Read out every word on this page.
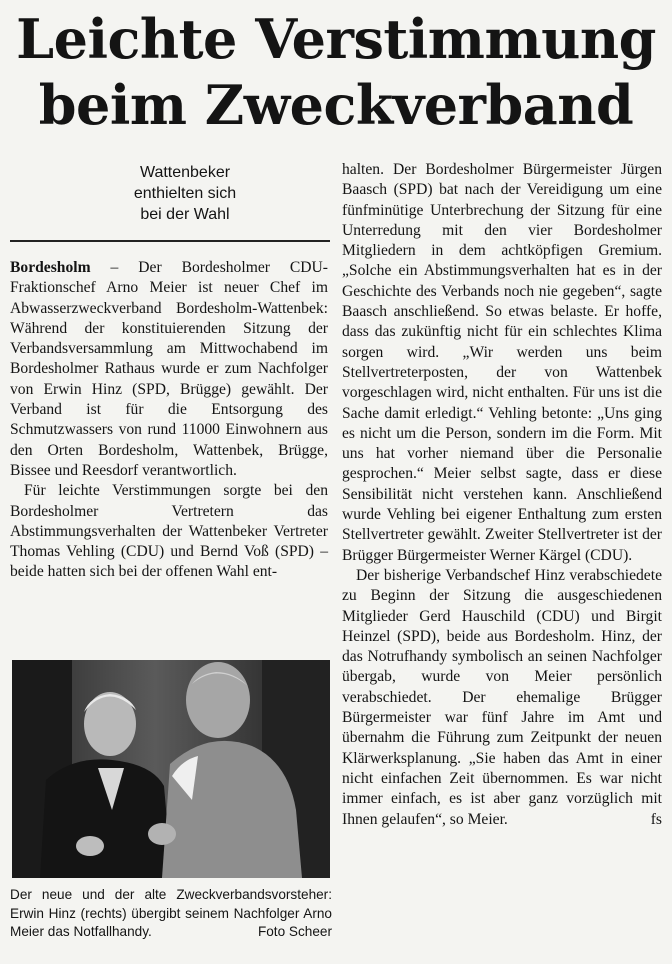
Leichte Verstimmung
beim Zweckverband
Wattenbeker
enthielten sich
bei der Wahl

Bordesholm – Der Bordesholmer CDU-Fraktionschef Arno Meier ist neuer Chef im Abwasserzweckverband Bordesholm-Wattenbek: Während der konstituierenden Sitzung der Verbandsversammlung am Mittwochabend im Bordesholmer Rathaus wurde er zum Nachfolger von Erwin Hinz (SPD, Brügge) gewählt. Der Verband ist für die Entsorgung des Schmutzwassers von rund 11000 Einwohnern aus den Orten Bordesholm, Wattenbek, Brügge, Bissee und Reesdorf verantwortlich.

Für leichte Verstimmungen sorgte bei den Bordesholmer Vertretern das Abstimmungsverhalten der Wattenbeker Vertreter Thomas Vehling (CDU) und Bernd Voß (SPD) – beide hatten sich bei der offenen Wahl ent-

Der neue und der alte Zweckverbandsvorsteher: Erwin Hinz (rechts) übergibt seinem Nachfolger Arno Meier das Notfallhandy.	Foto Scheer

halten. Der Bordesholmer Bürgermeister Jürgen Baasch (SPD) bat nach der Vereidigung um eine fünfminütige Unterbrechung der Sitzung für eine Unterredung mit den vier Bordesholmer Mitgliedern in dem achtköpfigen Gremium. „Solche ein Abstimmungsverhalten hat es in der Geschichte des Verbands noch nie gegeben“, sagte Baasch anschließend. So etwas belaste. Er hoffe, dass das zukünftig nicht für ein schlechtes Klima sorgen wird. „Wir werden uns beim Stellvertreterposten, der von Wattenbek vorgeschlagen wird, nicht enthalten. Für uns ist die Sache damit erledigt.“ Vehling betonte: „Uns ging es nicht um die Person, sondern im die Form. Mit uns hat vorher niemand über die Personalie gesprochen.“ Meier selbst sagte, dass er diese Sensibilität nicht verstehen kann. Anschließend wurde Vehling bei eigener Enthaltung zum ersten Stellvertreter gewählt. Zweiter Stellvertreter ist der Brügger Bürgermeister Werner Kärgel (CDU).

Der bisherige Verbandschef Hinz verabschiedete zu Beginn der Sitzung die ausgeschiedenen Mitglieder Gerd Hauschild (CDU) und Birgit Heinzel (SPD), beide aus Bordesholm. Hinz, der das Notrufhandy symbolisch an seinen Nachfolger übergab, wurde von Meier persönlich verabschiedet. Der ehemalige Brügger Bürgermeister war fünf Jahre im Amt und übernahm die Führung zum Zeitpunkt der neuen Klärwerksplanung. „Sie haben das Amt in einer nicht einfachen Zeit übernommen. Es war nicht immer einfach, es ist aber ganz vorzüglich mit Ihnen gelaufen“, so Meier.	fs
